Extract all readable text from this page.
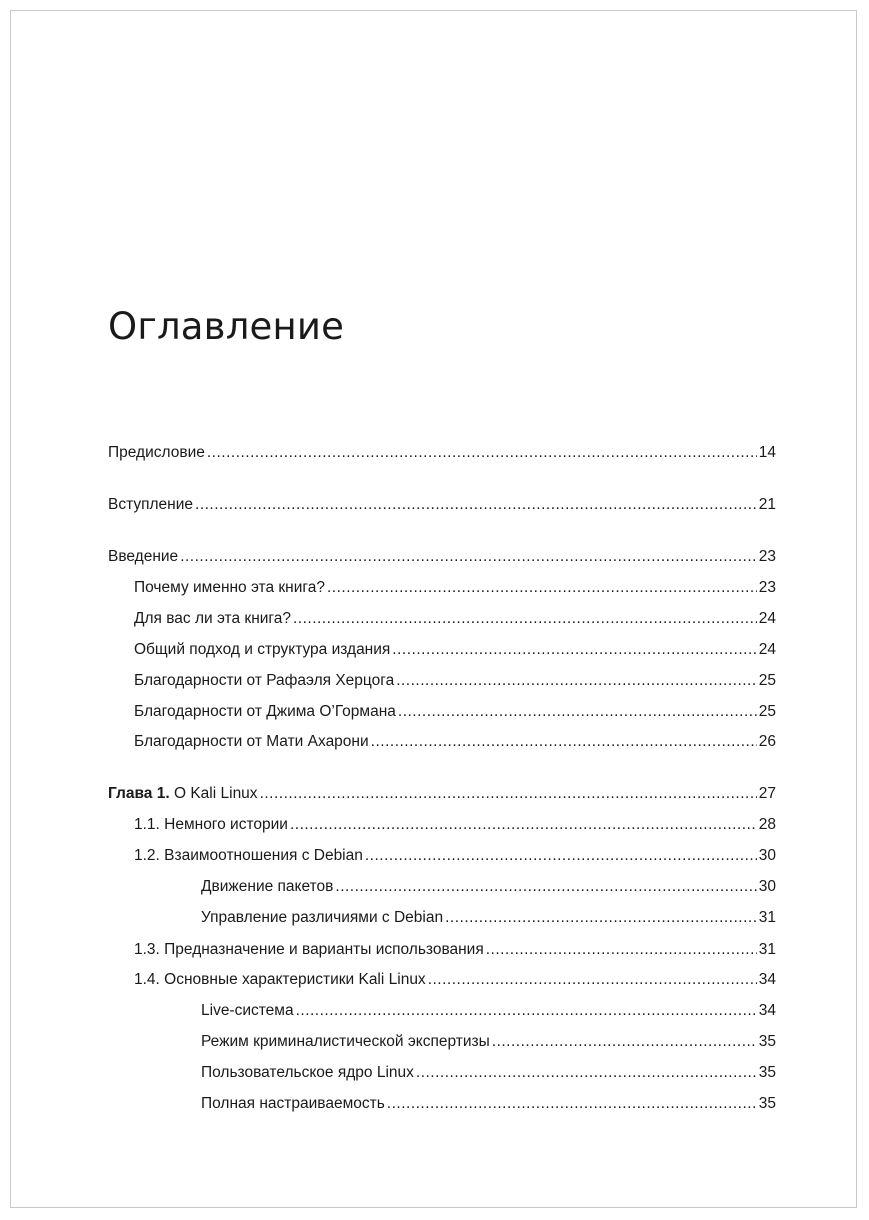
Оглавление
Предисловие .....	14
Вступление .....	21
Введение .....	23
Почему именно эта книга? .....	23
Для вас ли эта книга? .....	24
Общий подход и структура издания .....	24
Благодарности от Рафаэля Херцога .....	25
Благодарности от Джима О’Гормана .....	25
Благодарности от Мати Ахарони .....	26
Глава 1. О Kali Linux .....	27
1.1. Немного истории .....	28
1.2. Взаимоотношения с Debian .....	30
Движение пакетов .....	30
Управление различиями с Debian .....	31
1.3. Предназначение и варианты использования .....	31
1.4. Основные характеристики Kali Linux .....	34
Live-система .....	34
Режим криминалистической экспертизы .....	35
Пользовательское ядро Linux .....	35
Полная настраиваемость .....	35
